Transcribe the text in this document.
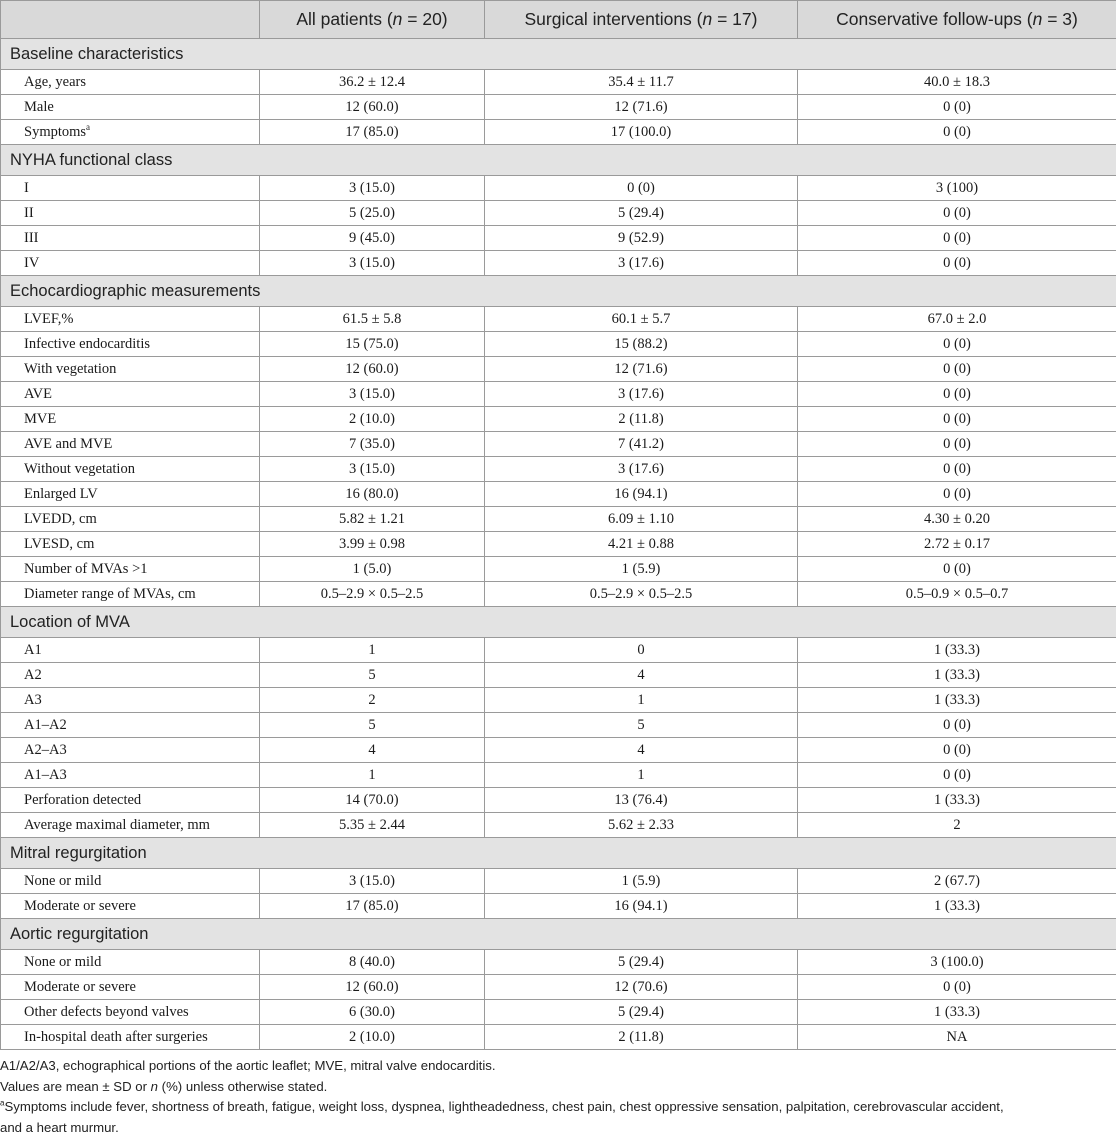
	All patients (n = 20)	Surgical interventions (n = 17)	Conservative follow-ups (n = 3)
Baseline characteristics			
Age, years	36.2 ± 12.4	35.4 ± 11.7	40.0 ± 18.3
Male	12 (60.0)	12 (71.6)	0 (0)
Symptoms$^a$	17 (85.0)	17 (100.0)	0 (0)
NYHA functional class			
I	3 (15.0)	0 (0)	3 (100)
II	5 (25.0)	5 (29.4)	0 (0)
III	9 (45.0)	9 (52.9)	0 (0)
IV	3 (15.0)	3 (17.6)	0 (0)
Echocardiographic measurements			
LVEF,%	61.5 ± 5.8	60.1 ± 5.7	67.0 ± 2.0
Infective endocarditis	15 (75.0)	15 (88.2)	0 (0)
With vegetation	12 (60.0)	12 (71.6)	0 (0)
AVE	3 (15.0)	3 (17.6)	0 (0)
MVE	2 (10.0)	2 (11.8)	0 (0)
AVE and MVE	7 (35.0)	7 (41.2)	0 (0)
Without vegetation	3 (15.0)	3 (17.6)	0 (0)
Enlarged LV	16 (80.0)	16 (94.1)	0 (0)
LVEDD, cm	5.82 ± 1.21	6.09 ± 1.10	4.30 ± 0.20
LVESD, cm	3.99 ± 0.98	4.21 ± 0.88	2.72 ± 0.17
Number of MVAs >1	1 (5.0)	1 (5.9)	0 (0)
Diameter range of MVAs, cm	0.5–2.9 × 0.5–2.5	0.5–2.9 × 0.5–2.5	0.5–0.9 × 0.5–0.7
Location of MVA			
A1	1	0	1 (33.3)
A2	5	4	1 (33.3)
A3	2	1	1 (33.3)
A1–A2	5	5	0 (0)
A2–A3	4	4	0 (0)
A1–A3	1	1	0 (0)
Perforation detected	14 (70.0)	13 (76.4)	1 (33.3)
Average maximal diameter, mm	5.35 ± 2.44	5.62 ± 2.33	2
Mitral regurgitation			
None or mild	3 (15.0)	1 (5.9)	2 (67.7)
Moderate or severe	17 (85.0)	16 (94.1)	1 (33.3)
Aortic regurgitation			
None or mild	8 (40.0)	5 (29.4)	3 (100.0)
Moderate or severe	12 (60.0)	12 (70.6)	0 (0)
Other defects beyond valves	6 (30.0)	5 (29.4)	1 (33.3)
In-hospital death after surgeries	2 (10.0)	2 (11.8)	NA

A1/A2/A3, echographical portions of the aortic leaflet; MVE, mitral valve endocarditis.

Values are mean ± SD or n (%) unless otherwise stated.

$^a$Symptoms include fever, shortness of breath, fatigue, weight loss, dyspnea, lightheadedness, chest pain, chest oppressive sensation, palpitation, cerebrovascular accident,

and a heart murmur.
